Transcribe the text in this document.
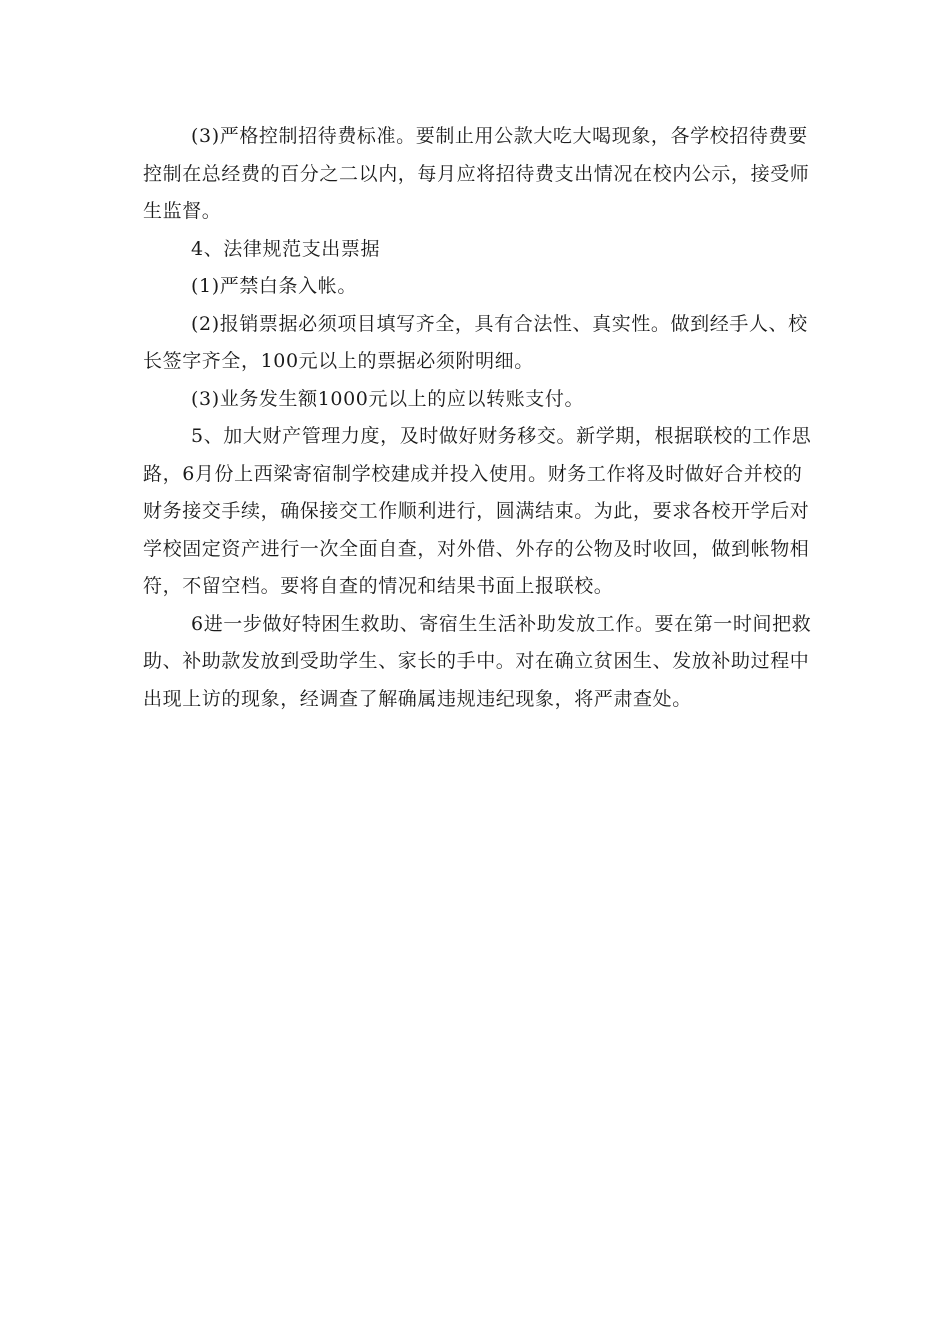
(3)严格控制招待费标准。要制止用公款大吃大喝现象，各学校招待费要
控制在总经费的百分之二以内，每月应将招待费支出情况在校内公示，接受师
生监督。
4、法律规范支出票据
(1)严禁白条入帐。
(2)报销票据必须项目填写齐全，具有合法性、真实性。做到经手人、校
长签字齐全，100元以上的票据必须附明细。
(3)业务发生额1000元以上的应以转账支付。
5、加大财产管理力度，及时做好财务移交。新学期，根据联校的工作思
路，6月份上西梁寄宿制学校建成并投入使用。财务工作将及时做好合并校的
财务接交手续，确保接交工作顺利进行，圆满结束。为此，要求各校开学后对
学校固定资产进行一次全面自查，对外借、外存的公物及时收回，做到帐物相
符，不留空档。要将自查的情况和结果书面上报联校。
6进一步做好特困生救助、寄宿生生活补助发放工作。要在第一时间把救
助、补助款发放到受助学生、家长的手中。对在确立贫困生、发放补助过程中
出现上访的现象，经调查了解确属违规违纪现象，将严肃查处。
